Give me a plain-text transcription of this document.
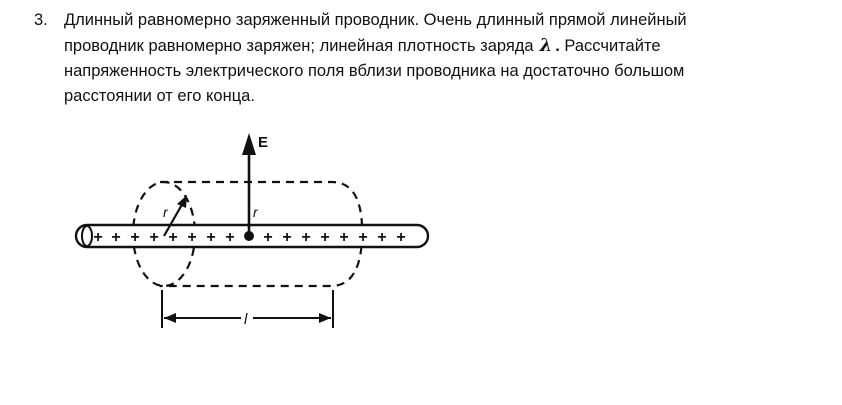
3. Длинный равномерно заряженный проводник. Очень длинный прямой линейный
проводник равномерно заряжен; линейная плотность заряда λ . Рассчитайте
напряженность электрического поля вблизи проводника на достаточно большом
расстоянии от его конца.
+ + + + + + + + + + + + + + + +
E
r
r
l
